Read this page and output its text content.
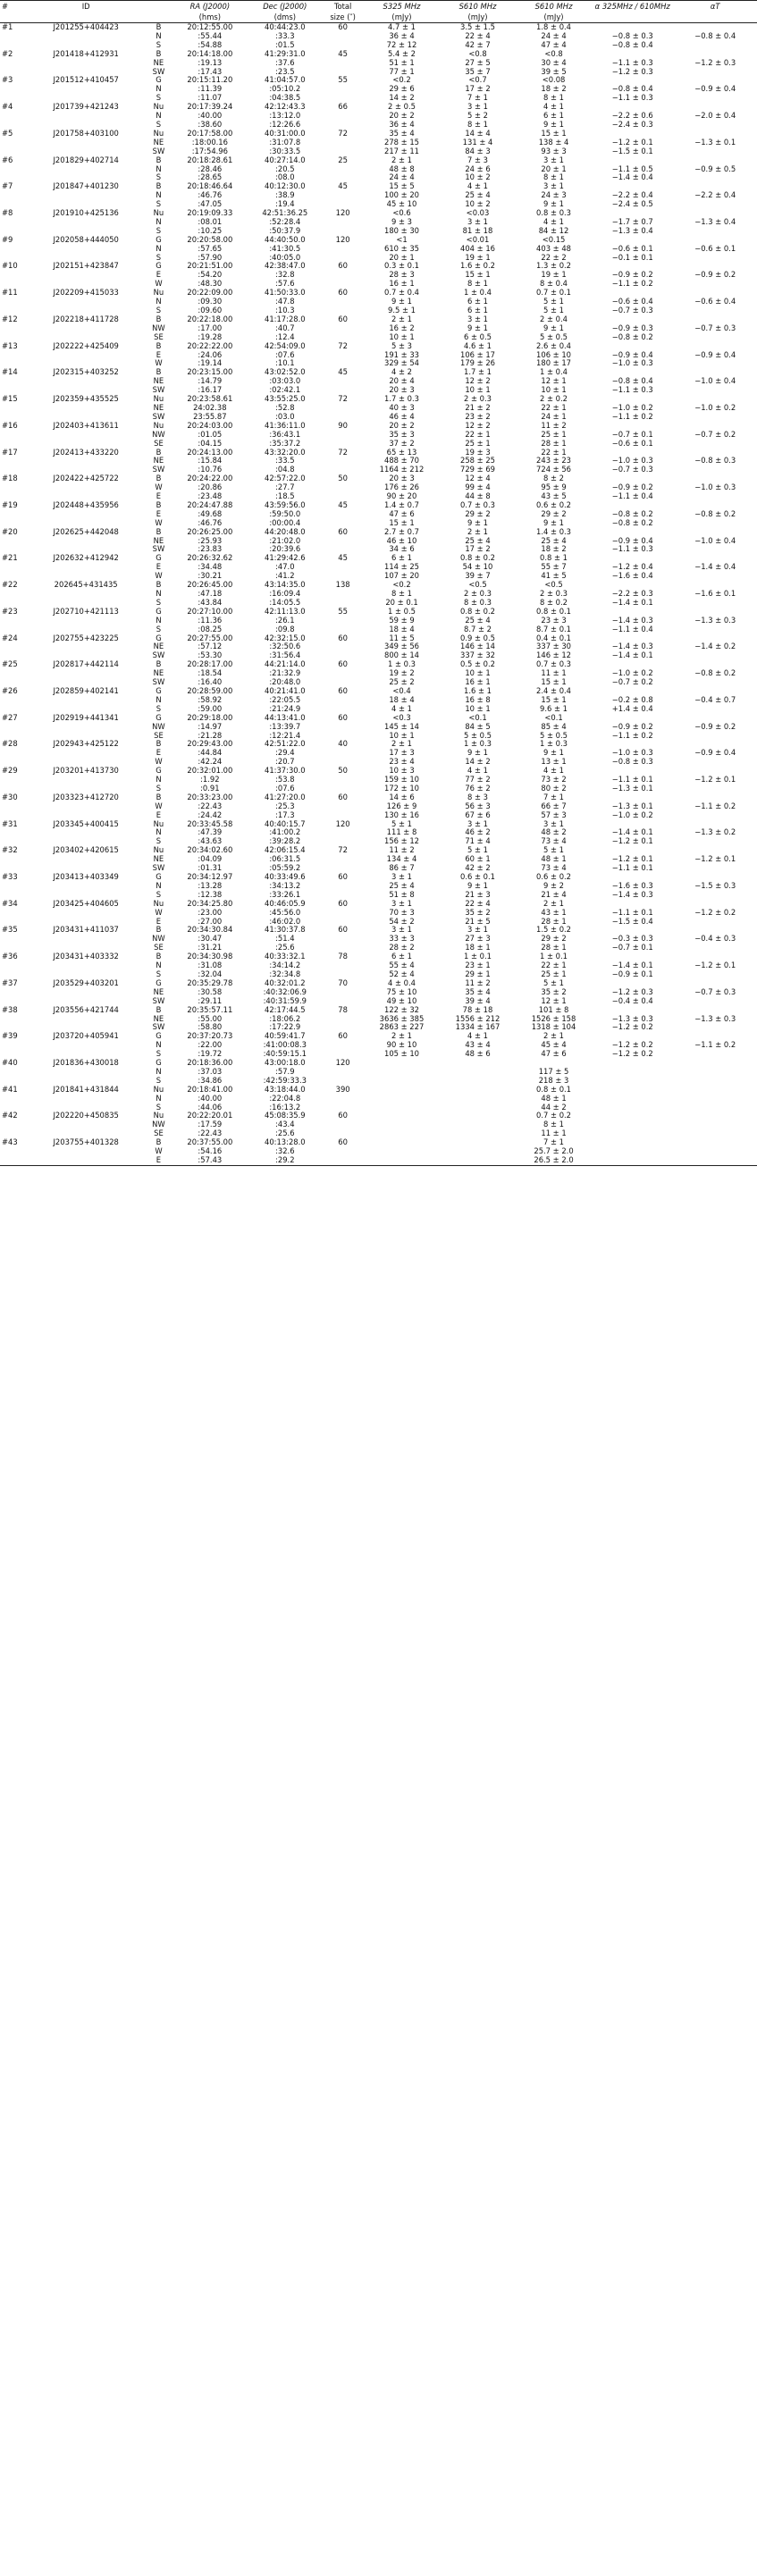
#	ID		RA (J2000)	Dec (J2000)	Total	S325 MHz	S610 MHz	S610 MHz	α 325MHz / 610MHz	αT
			(hms)	(dms)	size (″)	(mJy)	(mJy)	(mJy)		
#1	J201255+404423	B	20:12:55.00	40:44:23.0	60	4.7 ± 1	3.5 ± 1.5	1.8 ± 0.4		
		N	:55.44	:33.3		36 ± 4	22 ± 4	24 ± 4	−0.8 ± 0.3	−0.8 ± 0.4
		S	:54.88	:01.5		72 ± 12	42 ± 7	47 ± 4	−0.8 ± 0.4	
#2	J201418+412931	B	20:14:18.00	41:29:31.0	45	5.4 ± 2	<0.8	<0.8		
		NE	:19.13	:37.6		51 ± 1	27 ± 5	30 ± 4	−1.1 ± 0.3	−1.2 ± 0.3
		SW	:17.43	:23.5		77 ± 1	35 ± 7	39 ± 5	−1.2 ± 0.3	
#3	J201512+410457	G	20:15:11.20	41:04:57.0	55	<0.2	<0.7	<0.08		
		N	:11.39	:05:10.2		29 ± 6	17 ± 2	18 ± 2	−0.8 ± 0.4	−0.9 ± 0.4
		S	:11.07	:04:38.5		14 ± 2	7 ± 1	8 ± 1	−1.1 ± 0.3	
#4	J201739+421243	Nu	20:17:39.24	42:12:43.3	66	2 ± 0.5	3 ± 1	4 ± 1		
		N	:40.00	:13:12.0		20 ± 2	5 ± 2	6 ± 1	−2.2 ± 0.6	−2.0 ± 0.4
		S	:38.60	:12:26.6		36 ± 4	8 ± 1	9 ± 1	−2.4 ± 0.3	
#5	J201758+403100	Nu	20:17:58.00	40:31:00.0	72	35 ± 4	14 ± 4	15 ± 1		
		NE	:18:00.16	:31:07.8		278 ± 15	131 ± 4	138 ± 4	−1.2 ± 0.1	−1.3 ± 0.1
		SW	:17:54.96	:30:33.5		217 ± 11	84 ± 3	93 ± 3	−1.5 ± 0.1	
#6	J201829+402714	B	20:18:28.61	40:27:14.0	25	2 ± 1	7 ± 3	3 ± 1		
		N	:28.46	:20.5		48 ± 8	24 ± 6	20 ± 1	−1.1 ± 0.5	−0.9 ± 0.5
		S	:28.65	:08.0		24 ± 4	10 ± 2	8 ± 1	−1.4 ± 0.4	
#7	J201847+401230	B	20:18:46.64	40:12:30.0	45	15 ± 5	4 ± 1	3 ± 1		
		N	:46.76	:38.9		100 ± 20	25 ± 4	24 ± 3	−2.2 ± 0.4	−2.2 ± 0.4
		S	:47.05	:19.4		45 ± 10	10 ± 2	9 ± 1	−2.4 ± 0.5	
#8	J201910+425136	Nu	20:19:09.33	42:51:36.25	120	<0.6	<0.03	0.8 ± 0.3		
		N	:08.01	:52:28.4		9 ± 3	3 ± 1	4 ± 1	−1.7 ± 0.7	−1.3 ± 0.4
		S	:10.25	:50:37.9		180 ± 30	81 ± 18	84 ± 12	−1.3 ± 0.4	
#9	J202058+444050	G	20:20:58.00	44:40:50.0	120	<1	<0.01	<0.15		
		N	:57.65	:41:30.5		610 ± 35	404 ± 16	403 ± 48	−0.6 ± 0.1	−0.6 ± 0.1
		S	:57.90	:40:05.0		20 ± 1	19 ± 1	22 ± 2	−0.1 ± 0.1	
#10	J202151+423847	G	20:21:51.00	42:38:47.0	60	0.3 ± 0.1	1.6 ± 0.2	1.3 ± 0.2		
		E	:54.20	:32.8		28 ± 3	15 ± 1	19 ± 1	−0.9 ± 0.2	−0.9 ± 0.2
		W	:48.30	:57.6		16 ± 1	8 ± 1	8 ± 0.4	−1.1 ± 0.2	
#11	J202209+415033	Nu	20:22:09.00	41:50:33.0	60	0.7 ± 0.4	1 ± 0.4	0.7 ± 0.1		
		N	:09.30	:47.8		9 ± 1	6 ± 1	5 ± 1	−0.6 ± 0.4	−0.6 ± 0.4
		S	:09.60	:10.3		9.5 ± 1	6 ± 1	5 ± 1	−0.7 ± 0.3	
#12	J202218+411728	B	20:22:18.00	41:17:28.0	60	2 ± 1	3 ± 1	2 ± 0.4		
		NW	:17.00	:40.7		16 ± 2	9 ± 1	9 ± 1	−0.9 ± 0.3	−0.7 ± 0.3
		SE	:19.28	:12.4		10 ± 1	6 ± 0.5	5 ± 0.5	−0.8 ± 0.2	
#13	J202222+425409	B	20:22:22.00	42:54:09.0	72	5 ± 3	4.6 ± 1	2.6 ± 0.4		
		E	:24.06	:07.6		191 ± 33	106 ± 17	106 ± 10	−0.9 ± 0.4	−0.9 ± 0.4
		W	:19.14	:10.1		329 ± 54	179 ± 26	180 ± 17	−1.0 ± 0.3	
#14	J202315+403252	B	20:23:15.00	43:02:52.0	45	4 ± 2	1.7 ± 1	1 ± 0.4		
		NE	:14.79	:03:03.0		20 ± 4	12 ± 2	12 ± 1	−0.8 ± 0.4	−1.0 ± 0.4
		SW	:16.17	:02:42.1		20 ± 3	10 ± 1	10 ± 1	−1.1 ± 0.3	
#15	J202359+435525	Nu	20:23:58.61	43:55:25.0	72	1.7 ± 0.3	2 ± 0.3	2 ± 0.2		
		NE	24:02.38	:52.8		40 ± 3	21 ± 2	22 ± 1	−1.0 ± 0.2	−1.0 ± 0.2
		SW	23:55.87	:03.0		46 ± 4	23 ± 2	24 ± 1	−1.1 ± 0.2	
#16	J202403+413611	Nu	20:24:03.00	41:36:11.0	90	20 ± 2	12 ± 2	11 ± 2		
		NW	:01.05	:36:43.1		35 ± 3	22 ± 1	25 ± 1	−0.7 ± 0.1	−0.7 ± 0.2
		SE	:04.15	:35:37.2		37 ± 2	25 ± 1	28 ± 1	−0.6 ± 0.1	
#17	J202413+433220	B	20:24:13.00	43:32:20.0	72	65 ± 13	19 ± 3	22 ± 1		
		NE	:15.84	:33.5		488 ± 70	258 ± 25	243 ± 23	−1.0 ± 0.3	−0.8 ± 0.3
		SW	:10.76	:04.8		1164 ± 212	729 ± 69	724 ± 56	−0.7 ± 0.3	
#18	J202422+425722	B	20:24:22.00	42:57:22.0	50	20 ± 3	12 ± 4	8 ± 2		
		W	:20.86	:27.7		176 ± 26	99 ± 4	95 ± 9	−0.9 ± 0.2	−1.0 ± 0.3
		E	:23.48	:18.5		90 ± 20	44 ± 8	43 ± 5	−1.1 ± 0.4	
#19	J202448+435956	B	20:24:47.88	43:59:56.0	45	1.4 ± 0.7	0.7 ± 0.3	0.6 ± 0.2		
		E	:49.68	:59:50.0		47 ± 6	29 ± 2	29 ± 2	−0.8 ± 0.2	−0.8 ± 0.2
		W	:46.76	:00:00.4		15 ± 1	9 ± 1	9 ± 1	−0.8 ± 0.2	
#20	J202625+442048	B	20:26:25.00	44:20:48.0	60	2.7 ± 0.7	2 ± 1	1.4 ± 0.3		
		NE	:25.93	:21:02.0		46 ± 10	25 ± 4	25 ± 4	−0.9 ± 0.4	−1.0 ± 0.4
		SW	:23.83	:20:39.6		34 ± 6	17 ± 2	18 ± 2	−1.1 ± 0.3	
#21	J202632+412942	G	20:26:32.62	41:29:42.6	45	6 ± 1	0.8 ± 0.2	0.8 ± 1		
		E	:34.48	:47.0		114 ± 25	54 ± 10	55 ± 7	−1.2 ± 0.4	−1.4 ± 0.4
		W	:30.21	:41.2		107 ± 20	39 ± 7	41 ± 5	−1.6 ± 0.4	
#22	202645+431435	B	20:26:45.00	43:14:35.0	138	<0.2	<0.5	<0.5		
		N	:47.18	:16:09.4		8 ± 1	2 ± 0.3	2 ± 0.3	−2.2 ± 0.3	−1.6 ± 0.1
		S	:43.84	:14:05.5		20 ± 0.1	8 ± 0.3	8 ± 0.2	−1.4 ± 0.1	
#23	J202710+421113	G	20:27:10.00	42:11:13.0	55	1 ± 0.5	0.8 ± 0.2	0.8 ± 0.1		
		N	:11.36	:26.1		59 ± 9	25 ± 4	23 ± 3	−1.4 ± 0.3	−1.3 ± 0.3
		S	:08.25	:09.8		18 ± 4	8.7 ± 2	8.7 ± 0.1	−1.1 ± 0.4	
#24	J202755+423225	G	20:27:55.00	42:32:15.0	60	11 ± 5	0.9 ± 0.5	0.4 ± 0.1		
		NE	:57.12	:32:50.6		349 ± 56	146 ± 14	337 ± 30	−1.4 ± 0.3	−1.4 ± 0.2
		SW	:53.30	:31:56.4		800 ± 14	337 ± 32	146 ± 12	−1.4 ± 0.1	
#25	J202817+442114	B	20:28:17.00	44:21:14.0	60	1 ± 0.3	0.5 ± 0.2	0.7 ± 0.3		
		NE	:18.54	:21:32.9		19 ± 2	10 ± 1	11 ± 1	−1.0 ± 0.2	−0.8 ± 0.2
		SW	:16.40	:20:48.0		25 ± 2	16 ± 1	15 ± 1	−0.7 ± 0.2	
#26	J202859+402141	G	20:28:59.00	40:21:41.0	60	<0.4	1.6 ± 1	2.4 ± 0.4		
		N	:58.92	:22:05.5		18 ± 4	16 ± 8	15 ± 1	−0.2 ± 0.8	−0.4 ± 0.7
		S	:59.00	:21:24.9		4 ± 1	10 ± 1	9.6 ± 1	+1.4 ± 0.4	
#27	J202919+441341	G	20:29:18.00	44:13:41.0	60	<0.3	<0.1	<0.1		
		NW	:14.97	:13:39.7		145 ± 14	84 ± 5	85 ± 4	−0.9 ± 0.2	−0.9 ± 0.2
		SE	:21.28	:12:21.4		10 ± 1	5 ± 0.5	5 ± 0.5	−1.1 ± 0.2	
#28	J202943+425122	B	20:29:43.00	42:51:22.0	40	2 ± 1	1 ± 0.3	1 ± 0.3		
		E	:44.84	:29.4		17 ± 3	9 ± 1	9 ± 1	−1.0 ± 0.3	−0.9 ± 0.4
		W	:42.24	:20.7		23 ± 4	14 ± 2	13 ± 1	−0.8 ± 0.3	
#29	J203201+413730	G	20:32:01.00	41:37:30.0	50	10 ± 3	4 ± 1	4 ± 1		
		N	:1.92	:53.8		159 ± 10	77 ± 2	73 ± 2	−1.1 ± 0.1	−1.2 ± 0.1
		S	:0.91	:07.6		172 ± 10	76 ± 2	80 ± 2	−1.3 ± 0.1	
#30	J203323+412720	B	20:33:23.00	41:27:20.0	60	14 ± 6	8 ± 3	7 ± 1		
		W	:22.43	:25.3		126 ± 9	56 ± 3	66 ± 7	−1.3 ± 0.1	−1.1 ± 0.2
		E	:24.42	:17.3		130 ± 16	67 ± 6	57 ± 3	−1.0 ± 0.2	
#31	J203345+400415	Nu	20:33:45.58	40:40:15.7	120	5 ± 1	3 ± 1	3 ± 1		
		N	:47.39	:41:00.2		111 ± 8	46 ± 2	48 ± 2	−1.4 ± 0.1	−1.3 ± 0.2
		S	:43.63	:39:28.2		156 ± 12	71 ± 4	73 ± 4	−1.2 ± 0.1	
#32	J203402+420615	Nu	20:34:02.60	42:06:15.4	72	11 ± 2	5 ± 1	5 ± 1		
		NE	:04.09	:06:31.5		134 ± 4	60 ± 1	48 ± 1	−1.2 ± 0.1	−1.2 ± 0.1
		SW	:01.31	:05:59.2		86 ± 7	42 ± 2	73 ± 4	−1.1 ± 0.1	
#33	J203413+403349	G	20:34:12.97	40:33:49.6	60	3 ± 1	0.6 ± 0.1	0.6 ± 0.2		
		N	:13.28	:34:13.2		25 ± 4	9 ± 1	9 ± 2	−1.6 ± 0.3	−1.5 ± 0.3
		S	:12.38	:33:26.1		51 ± 8	21 ± 3	21 ± 4	−1.4 ± 0.3	
#34	J203425+404605	Nu	20:34:25.80	40:46:05.9	60	3 ± 1	22 ± 4	2 ± 1		
		W	:23.00	:45:56.0		70 ± 3	35 ± 2	43 ± 1	−1.1 ± 0.1	−1.2 ± 0.2
		E	:27.00	:46:02.0		54 ± 2	21 ± 5	28 ± 1	−1.5 ± 0.4	
#35	J203431+411037	B	20:34:30.84	41:30:37.8	60	3 ± 1	3 ± 1	1.5 ± 0.2		
		NW	:30.47	:51.4		33 ± 3	27 ± 3	29 ± 2	−0.3 ± 0.3	−0.4 ± 0.3
		SE	:31.21	:25.6		28 ± 2	18 ± 1	28 ± 1	−0.7 ± 0.1	
#36	J203431+403332	B	20:34:30.98	40:33:32.1	78	6 ± 1	1 ± 0.1	1 ± 0.1		
		N	:31.08	:34:14.2		55 ± 4	23 ± 1	22 ± 1	−1.4 ± 0.1	−1.2 ± 0.1
		S	:32.04	:32:34.8		52 ± 4	29 ± 1	25 ± 1	−0.9 ± 0.1	
#37	J203529+403201	G	20:35:29.78	40:32:01.2	70	4 ± 0.4	11 ± 2	5 ± 1		
		NE	:30.58	:40:32:06.9		75 ± 10	35 ± 4	35 ± 2	−1.2 ± 0.3	−0.7 ± 0.3
		SW	:29.11	:40:31:59.9		49 ± 10	39 ± 4	12 ± 1	−0.4 ± 0.4	
#38	J203556+421744	B	20:35:57.11	42:17:44.5	78	122 ± 32	78 ± 18	101 ± 8		
		NE	:55.00	:18:06.2		3636 ± 385	1556 ± 212	1526 ± 158	−1.3 ± 0.3	−1.3 ± 0.3
		SW	:58.80	:17:22.9		2863 ± 227	1334 ± 167	1318 ± 104	−1.2 ± 0.2	
#39	J203720+405941	G	20:37:20.73	40:59:41.7	60	2 ± 1	4 ± 1	2 ± 1		
		N	:22.00	:41:00:08.3		90 ± 10	43 ± 4	45 ± 4	−1.2 ± 0.2	−1.1 ± 0.2
		S	:19.72	:40:59:15.1		105 ± 10	48 ± 6	47 ± 6	−1.2 ± 0.2	
#40	J201836+430018	G	20:18:36.00	43:00:18.0	120					
		N	:37.03	:57.9				117 ± 5		
		S	:34.86	:42:59:33.3				218 ± 3		
#41	J201841+431844	Nu	20:18:41.00	43:18:44.0	390			0.8 ± 0.1		
		N	:40.00	:22:04.8				48 ± 1		
		S	:44.06	:16:13.2				44 ± 2		
#42	J202220+450835	Nu	20:22:20.01	45:08:35.9	60			0.7 ± 0.2		
		NW	:17.59	:43.4				8 ± 1		
		SE	:22.43	:25.6				11 ± 1		
#43	J203755+401328	B	20:37:55.00	40:13:28.0	60			7 ± 1		
		W	:54.16	:32.6				25.7 ± 2.0		
		E	:57.43	:29.2				26.5 ± 2.0		
